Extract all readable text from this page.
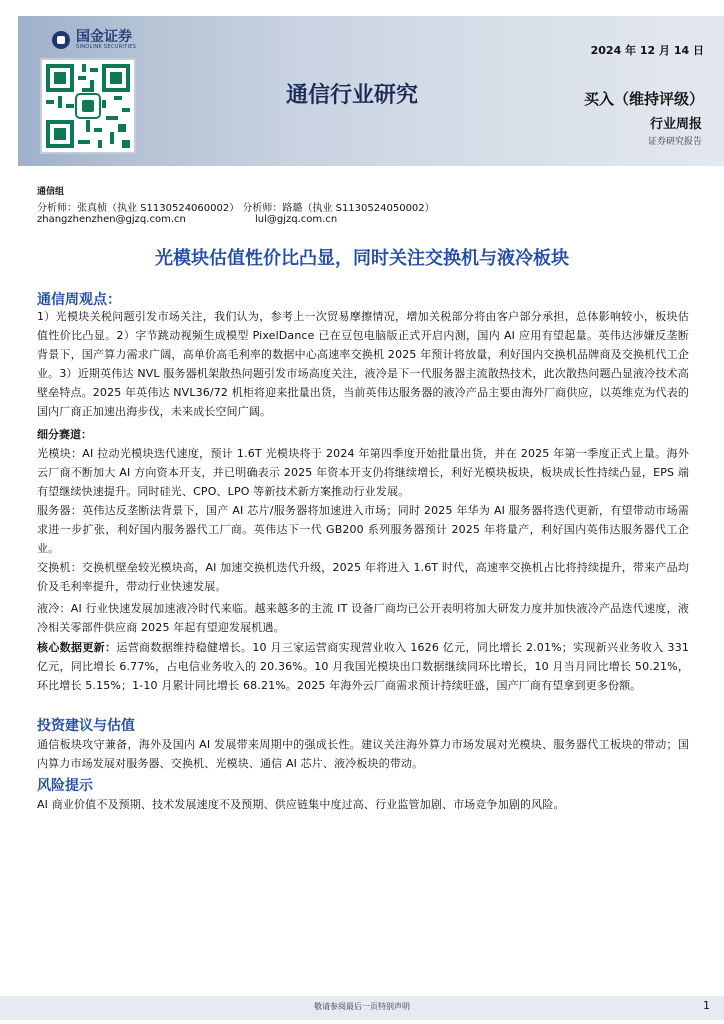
国金证券
SINOLINK SECURITIES	2024 年 12 月 14 日
通信行业研究	买入（维持评级）
行业周报
证券研究报告
通信组
分析师：张真桢（执业 S1130524060002） 分析师：路璐（执业 S1130524050002）
zhangzhenzhen@gjzq.com.cn	lul@gjzq.com.cn
光模块估值性价比凸显，同时关注交换机与液冷板块
通信周观点：
1）光模块关税问题引发市场关注，我们认为，参考上一次贸易摩擦情况，增加关税部分将由客户部分承担，总体影响较小，板块估值性价比凸显。2）字节跳动视频生成模型 PixelDance 已在豆包电脑版正式开启内测，国内 AI 应用有望起量。英伟达涉嫌反垄断背景下，国产算力需求广阔，高单价高毛利率的数据中心高速率交换机 2025 年预计将放量，利好国内交换机品牌商及交换机代工企业。3）近期英伟达 NVL 服务器机架散热问题引发市场高度关注，液冷是下一代服务器主流散热技术，此次散热问题凸显液冷技术高壁垒特点。2025 年英伟达 NVL36/72 机柜将迎来批量出货，当前英伟达服务器的液冷产品主要由海外厂商供应，以英维克为代表的国内厂商正加速出海步伐，未来成长空间广阔。
细分赛道：
光模块：AI 拉动光模块迭代速度，预计 1.6T 光模块将于 2024 年第四季度开始批量出货，并在 2025 年第一季度正式上量。海外云厂商不断加大 AI 方向资本开支，并已明确表示 2025 年资本开支仍将继续增长，利好光模块板块，板块成长性持续凸显，EPS 端有望继续快速提升。同时硅光、CPO、LPO 等新技术新方案推动行业发展。
服务器：英伟达反垄断法背景下，国产 AI 芯片/服务器将加速进入市场；同时 2025 年华为 AI 服务器将迭代更新，有望带动市场需求进一步扩张，利好国内服务器代工厂商。英伟达下一代 GB200 系列服务器预计 2025 年将量产，利好国内英伟达服务器代工企业。
交换机：交换机壁垒较光模块高，AI 加速交换机迭代升级，2025 年将进入 1.6T 时代，高速率交换机占比将持续提升，带来产品均价及毛利率提升，带动行业快速发展。
液冷：AI 行业快速发展加速液冷时代来临。越来越多的主流 IT 设备厂商均已公开表明将加大研发力度并加快液冷产品迭代速度，液冷相关零部件供应商 2025 年起有望迎发展机遇。
核心数据更新：运营商数据维持稳健增长。10 月三家运营商实现营业收入 1626 亿元，同比增长 2.01%；实现新兴业务收入 331 亿元，同比增长 6.77%，占电信业务收入的 20.36%。10 月我国光模块出口数据继续同环比增长，10 月当月同比增长 50.21%，环比增长 5.15%；1-10 月累计同比增长 68.21%。2025 年海外云厂商需求预计持续旺盛，国产厂商有望拿到更多份额。
投资建议与估值
通信板块攻守兼备，海外及国内 AI 发展带来周期中的强成长性。建议关注海外算力市场发展对光模块、服务器代工板块的带动；国内算力市场发展对服务器、交换机、光模块、通信 AI 芯片、液冷板块的带动。
风险提示
AI 商业价值不及预期、技术发展速度不及预期、供应链集中度过高、行业监管加剧、市场竞争加剧的风险。
敬请参阅最后一页特别声明	1
